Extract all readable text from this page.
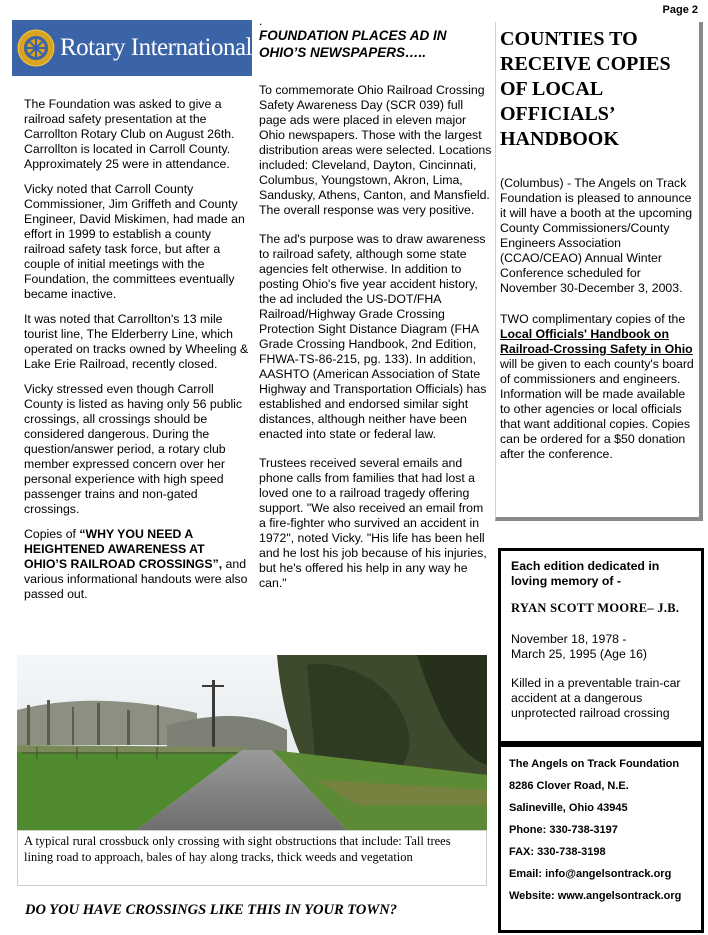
Page 2
Rotary International

The Foundation was asked to give a railroad safety presentation at the Carrollton Rotary Club on August 26th. Carrollton is located in Carroll County. Approximately 25 were in attendance.

Vicky noted that Carroll County Commissioner, Jim Griffeth and County Engineer, David Miskimen, had made an effort in 1999 to establish a county railroad safety task force, but after a couple of initial meetings with the Foundation, the committees eventually became inactive.

It was noted that Carrollton's 13 mile tourist line, The Elderberry Line, which operated on tracks owned by Wheeling & Lake Erie Railroad, recently closed.

Vicky stressed even though Carroll County is listed as having only 56 public crossings, all crossings should be considered dangerous. During the question/answer period, a rotary club member expressed concern over her personal experience with high speed passenger trains and non-gated crossings.

Copies of “WHY YOU NEED A HEIGHTENED AWARENESS AT OHIO’S RAILROAD CROSSINGS”, and various informational handouts were also passed out.

.
FOUNDATION PLACES AD IN OHIO’S NEWSPAPERS…..

To commemorate Ohio Railroad Crossing Safety Awareness Day (SCR 039) full page ads were placed in eleven major Ohio newspapers. Those with the largest distribution areas were selected. Locations included: Cleveland, Dayton, Cincinnati, Columbus, Youngstown, Akron, Lima, Sandusky, Athens, Canton, and Mansfield. The overall response was very positive.

The ad's purpose was to draw awareness to railroad safety, although some state agencies felt otherwise. In addition to posting Ohio's five year accident history, the ad included the US-DOT/FHA Railroad/Highway Grade Crossing Protection Sight Distance Diagram (FHA Grade Crossing Handbook, 2nd Edition, FHWA-TS-86-215, pg. 133). In addition, AASHTO (American Association of State Highway and Transportation Officials) has established and endorsed similar sight distances, although neither have been enacted into state or federal law.

Trustees received several emails and phone calls from families that had lost a loved one to a railroad tragedy offering support. "We also received an email from a fire-fighter who survived an accident in 1972", noted Vicky. "His life has been hell and he lost his job because of his injuries, but he's offered his help in any way he can."

COUNTIES TO RECEIVE COPIES OF LOCAL OFFICIALS’ HANDBOOK

(Columbus) - The Angels on Track Foundation is pleased to announce it will have a booth at the upcoming County Commissioners/County Engineers Association (CCAO/CEAO) Annual Winter Conference scheduled for November 30-December 3, 2003.

TWO complimentary copies of the Local Officials' Handbook on Railroad-Crossing Safety in Ohio will be given to each county's board of commissioners and engineers. Information will be made available to other agencies or local officials that want additional copies. Copies can be ordered for a $50 donation after the conference.

Each edition dedicated in loving memory of -
RYAN SCOTT MOORE– J.B.
November 18, 1978 -
March 25, 1995 (Age 16)
Killed in a preventable train-car accident at a dangerous unprotected railroad crossing
The Angels on Track Foundation
8286 Clover Road, N.E.
Salineville, Ohio 43945
Phone: 330-738-3197
FAX: 330-738-3198
Email: info@angelsontrack.org
Website: www.angelsontrack.org
A typical rural crossbuck only crossing with sight obstructions that include: Tall trees lining road to approach, bales of hay along tracks, thick weeds and vegetation
DO YOU HAVE CROSSINGS LIKE THIS IN YOUR TOWN?
